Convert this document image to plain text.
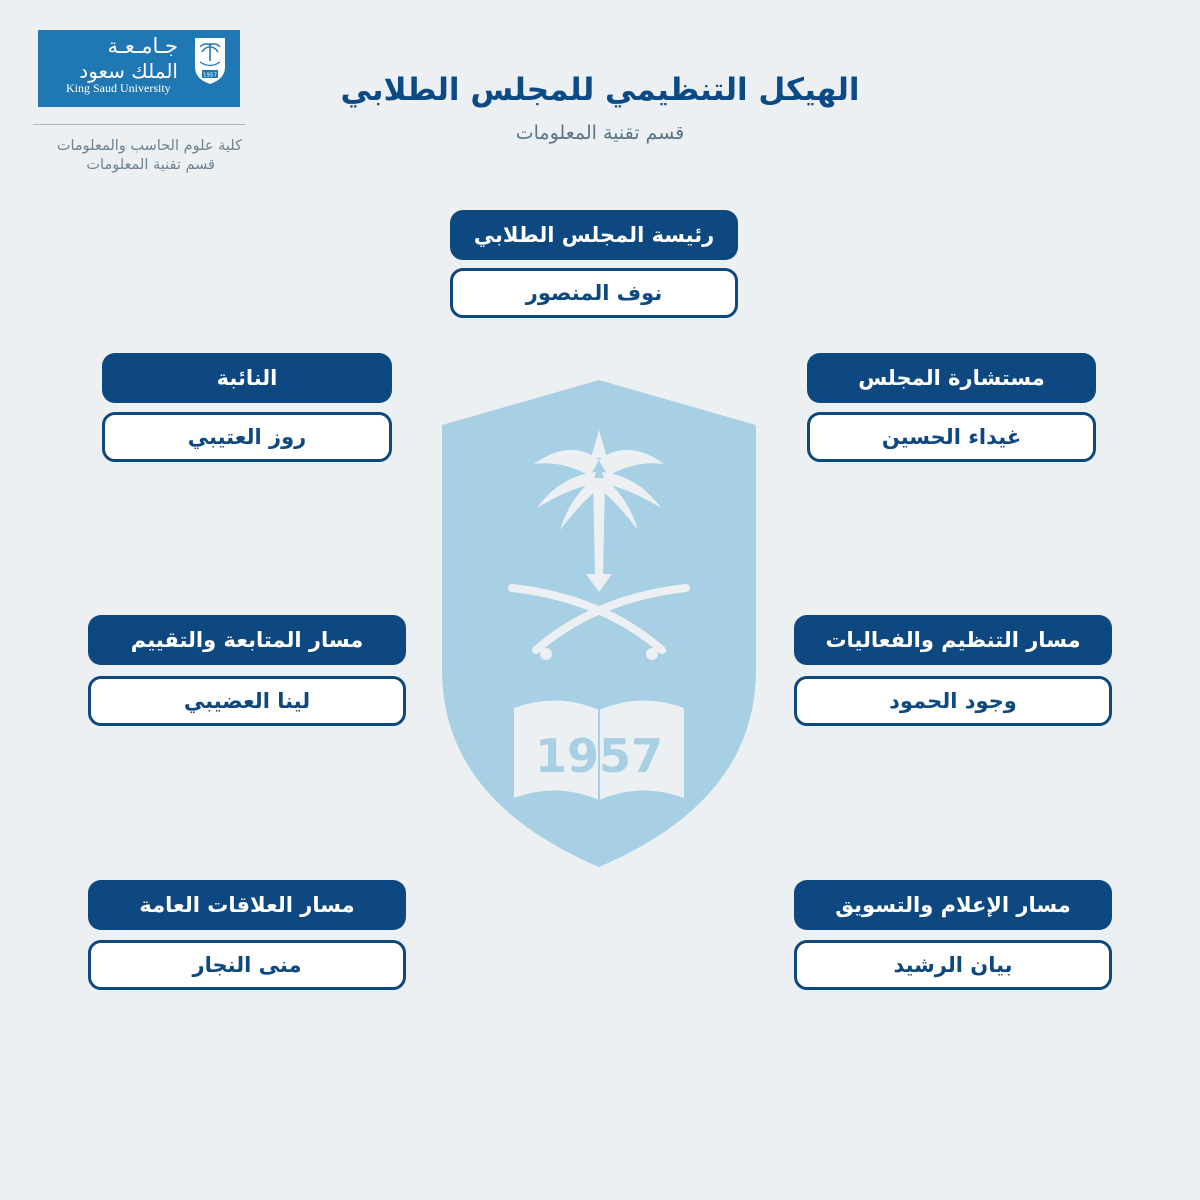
جـامـعـة
الملك سعود
King Saud University
1957
كلية علوم الحاسب والمعلومات
قسم تقنية المعلومات
الهيكل التنظيمي للمجلس الطلابي
قسم تقنية المعلومات
1957
رئيسة المجلس الطلابي
نوف المنصور
النائبة
روز العتيبي
مستشارة المجلس
غيداء الحسين
مسار المتابعة والتقييم
لينا العضيبي
مسار التنظيم والفعاليات
وجود الحمود
مسار العلاقات العامة
منى النجار
مسار الإعلام والتسويق
بيان الرشيد
